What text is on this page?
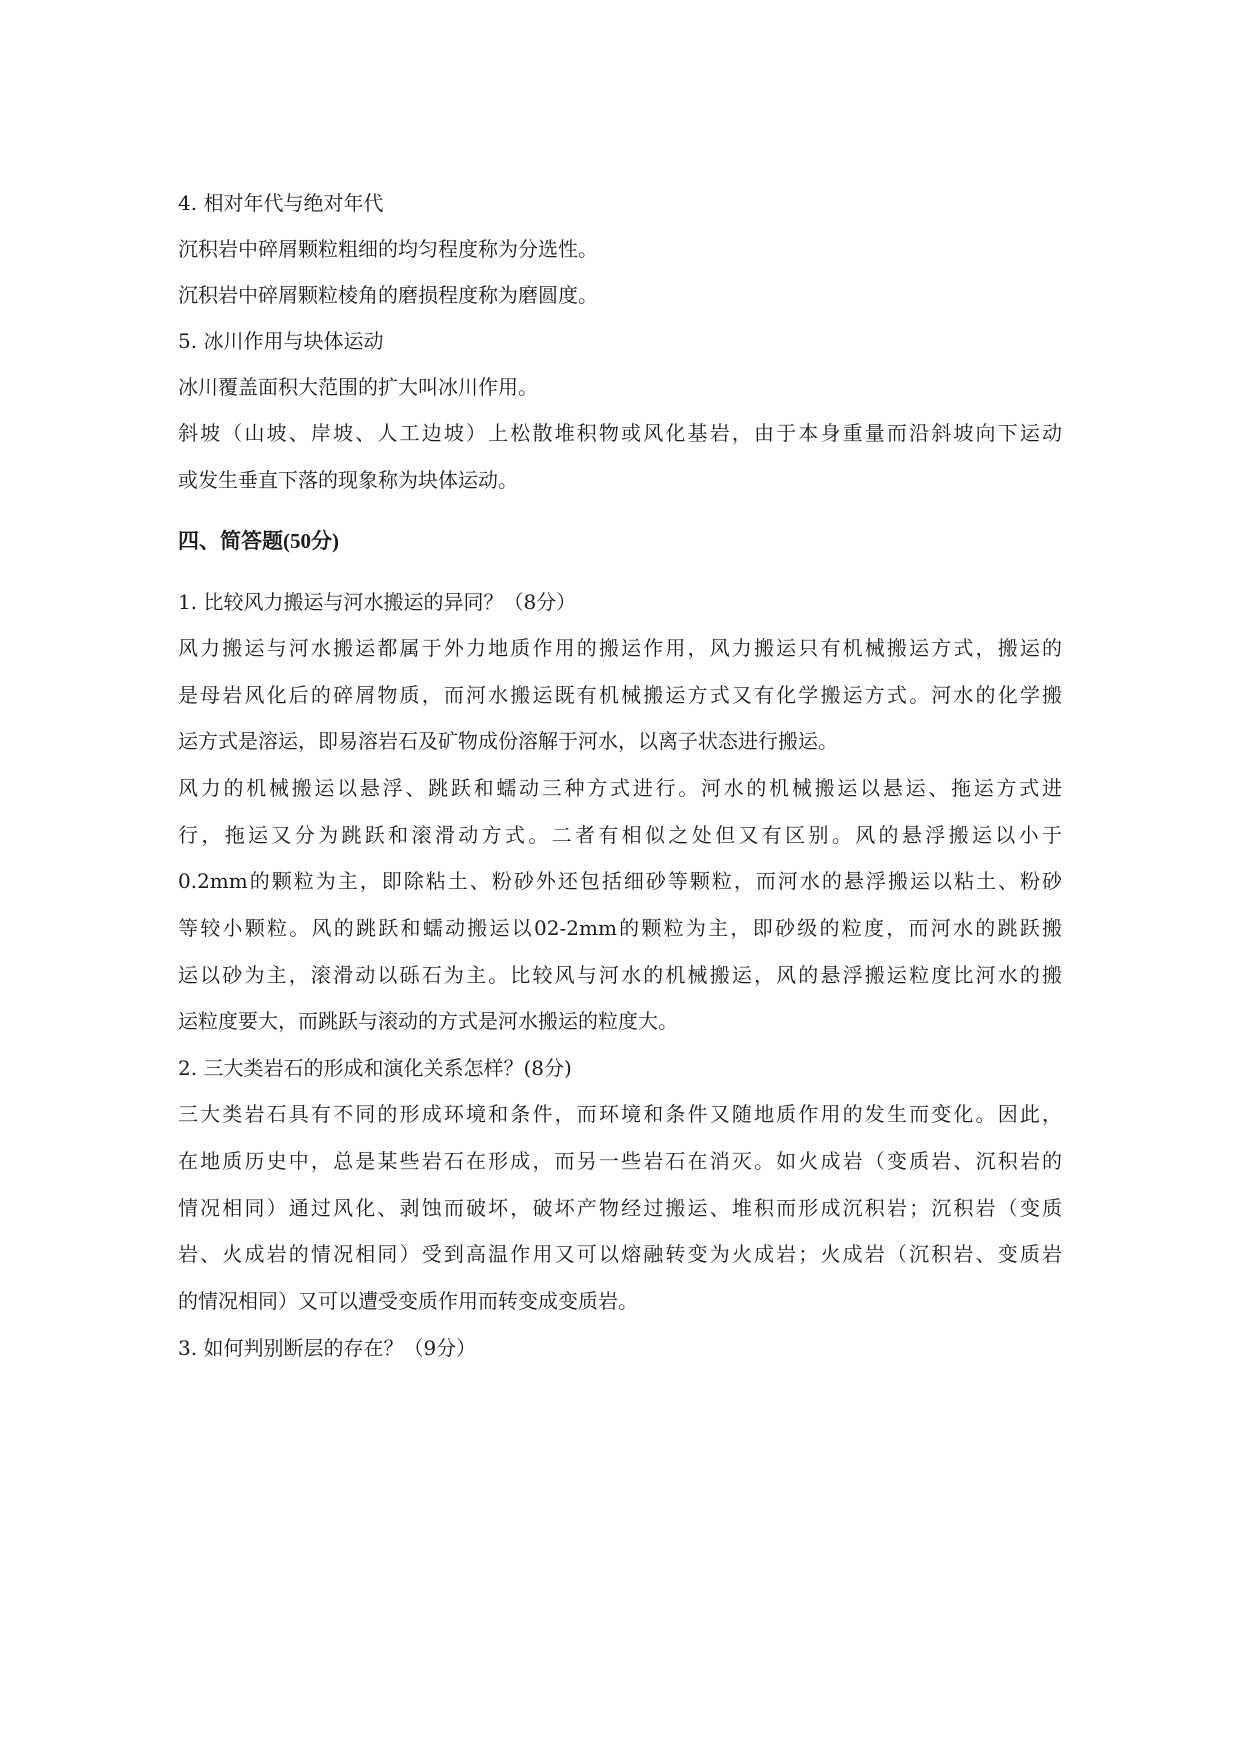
4. 相对年代与绝对年代
沉积岩中碎屑颗粒粗细的均匀程度称为分选性。
沉积岩中碎屑颗粒棱角的磨损程度称为磨圆度。
5. 冰川作用与块体运动
冰川覆盖面积大范围的扩大叫冰川作用。
斜坡（山坡、岸坡、人工边坡）上松散堆积物或风化基岩，由于本身重量而沿斜坡向下运动
或发生垂直下落的现象称为块体运动。
四、简答题(50分)
1. 比较风力搬运与河水搬运的异同？（8分）
风力搬运与河水搬运都属于外力地质作用的搬运作用，风力搬运只有机械搬运方式，搬运的
是母岩风化后的碎屑物质，而河水搬运既有机械搬运方式又有化学搬运方式。河水的化学搬
运方式是溶运，即易溶岩石及矿物成份溶解于河水，以离子状态进行搬运。
风力的机械搬运以悬浮、跳跃和蠕动三种方式进行。河水的机械搬运以悬运、拖运方式进
行，拖运又分为跳跃和滚滑动方式。二者有相似之处但又有区别。风的悬浮搬运以小于
0.2mm的颗粒为主，即除粘土、粉砂外还包括细砂等颗粒，而河水的悬浮搬运以粘土、粉砂
等较小颗粒。风的跳跃和蠕动搬运以02-2mm的颗粒为主，即砂级的粒度，而河水的跳跃搬
运以砂为主，滚滑动以砾石为主。比较风与河水的机械搬运，风的悬浮搬运粒度比河水的搬
运粒度要大，而跳跃与滚动的方式是河水搬运的粒度大。
2. 三大类岩石的形成和演化关系怎样？(8分)
三大类岩石具有不同的形成环境和条件，而环境和条件又随地质作用的发生而变化。因此，
在地质历史中，总是某些岩石在形成，而另一些岩石在消灭。如火成岩（变质岩、沉积岩的
情况相同）通过风化、剥蚀而破坏，破坏产物经过搬运、堆积而形成沉积岩；沉积岩（变质
岩、火成岩的情况相同）受到高温作用又可以熔融转变为火成岩；火成岩（沉积岩、变质岩
的情况相同）又可以遭受变质作用而转变成变质岩。
3. 如何判别断层的存在？（9分）
